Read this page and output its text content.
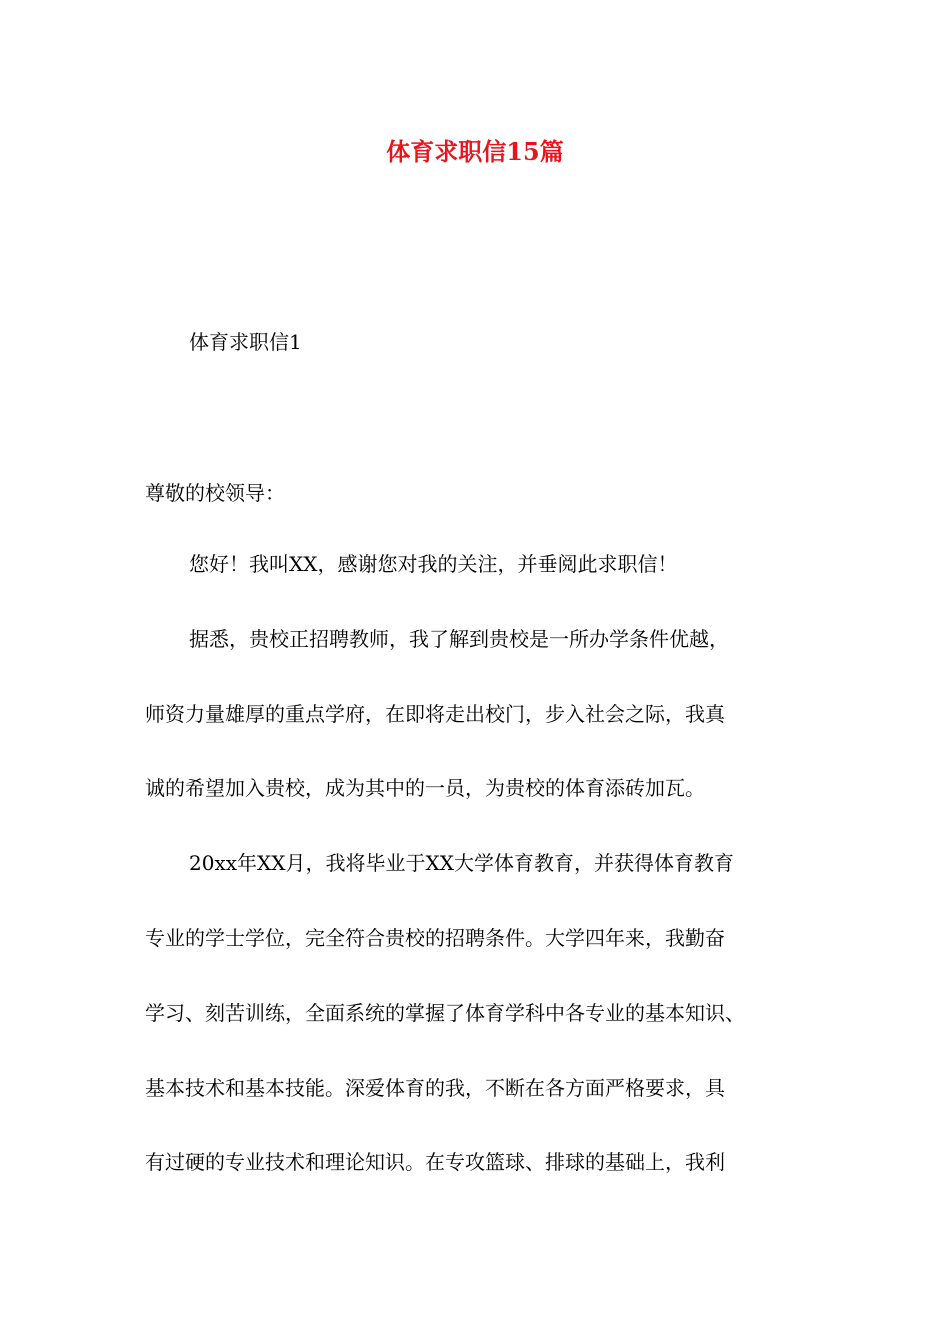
体育求职信15篇
体育求职信1
尊敬的校领导：
您好！我叫XX，感谢您对我的关注，并垂阅此求职信！
据悉，贵校正招聘教师，我了解到贵校是一所办学条件优越，
师资力量雄厚的重点学府，在即将走出校门，步入社会之际，我真
诚的希望加入贵校，成为其中的一员，为贵校的体育添砖加瓦。
20xx年XX月，我将毕业于XX大学体育教育，并获得体育教育
专业的学士学位，完全符合贵校的招聘条件。大学四年来，我勤奋
学习、刻苦训练，全面系统的掌握了体育学科中各专业的基本知识、
基本技术和基本技能。深爱体育的我，不断在各方面严格要求，具
有过硬的专业技术和理论知识。在专攻篮球、排球的基础上，我利
